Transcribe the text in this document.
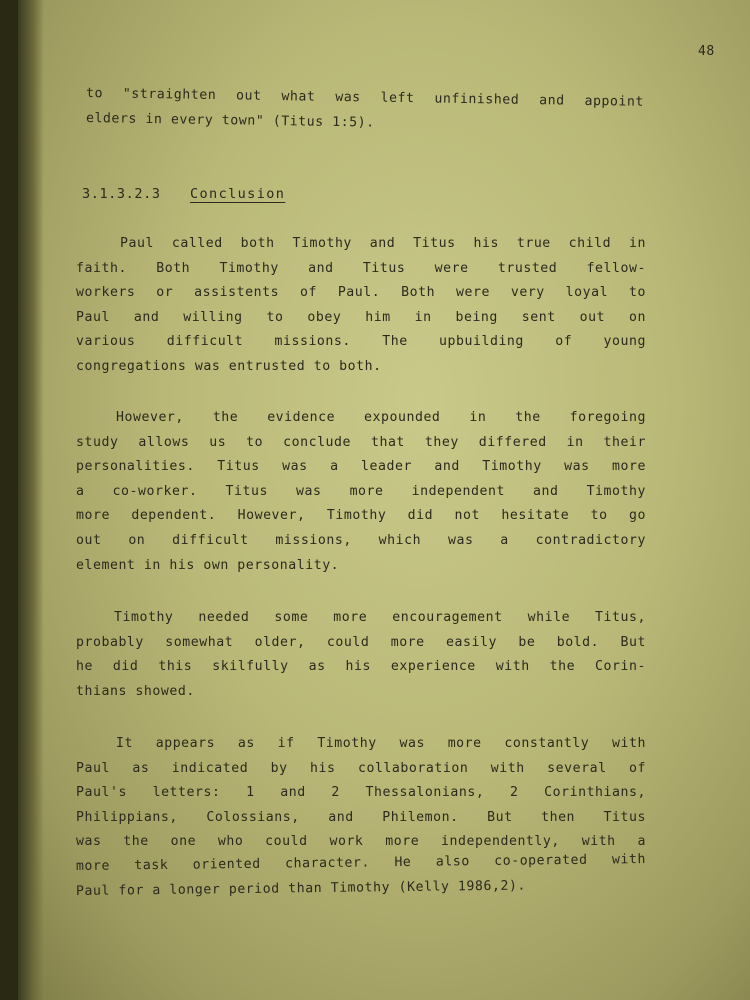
48
to "straighten out what was left unfinished and appoint
elders in every town" (Titus 1:5).
3.1.3.2.3 Conclusion
Paul called both Timothy and Titus his true child in
faith. Both Timothy and Titus were trusted fellow-
workers or assistents of Paul. Both were very loyal to
Paul and willing to obey him in being sent out on
various difficult missions. The upbuilding of young
congregations was entrusted to both.
However, the evidence expounded in the foregoing
study allows us to conclude that they differed in their
personalities. Titus was a leader and Timothy was more
a co-worker. Titus was more independent and Timothy
more dependent. However, Timothy did not hesitate to go
out on difficult missions, which was a contradictory
element in his own personality.
Timothy needed some more encouragement while Titus,
probably somewhat older, could more easily be bold. But
he did this skilfully as his experience with the Corin-
thians showed.
It appears as if Timothy was more constantly with
Paul as indicated by his collaboration with several of
Paul's letters: 1 and 2 Thessalonians, 2 Corinthians,
Philippians, Colossians, and Philemon. But then Titus
was the one who could work more independently, with a
more task oriented character. He also co-operated with
Paul for a longer period than Timothy (Kelly 1986,2).
